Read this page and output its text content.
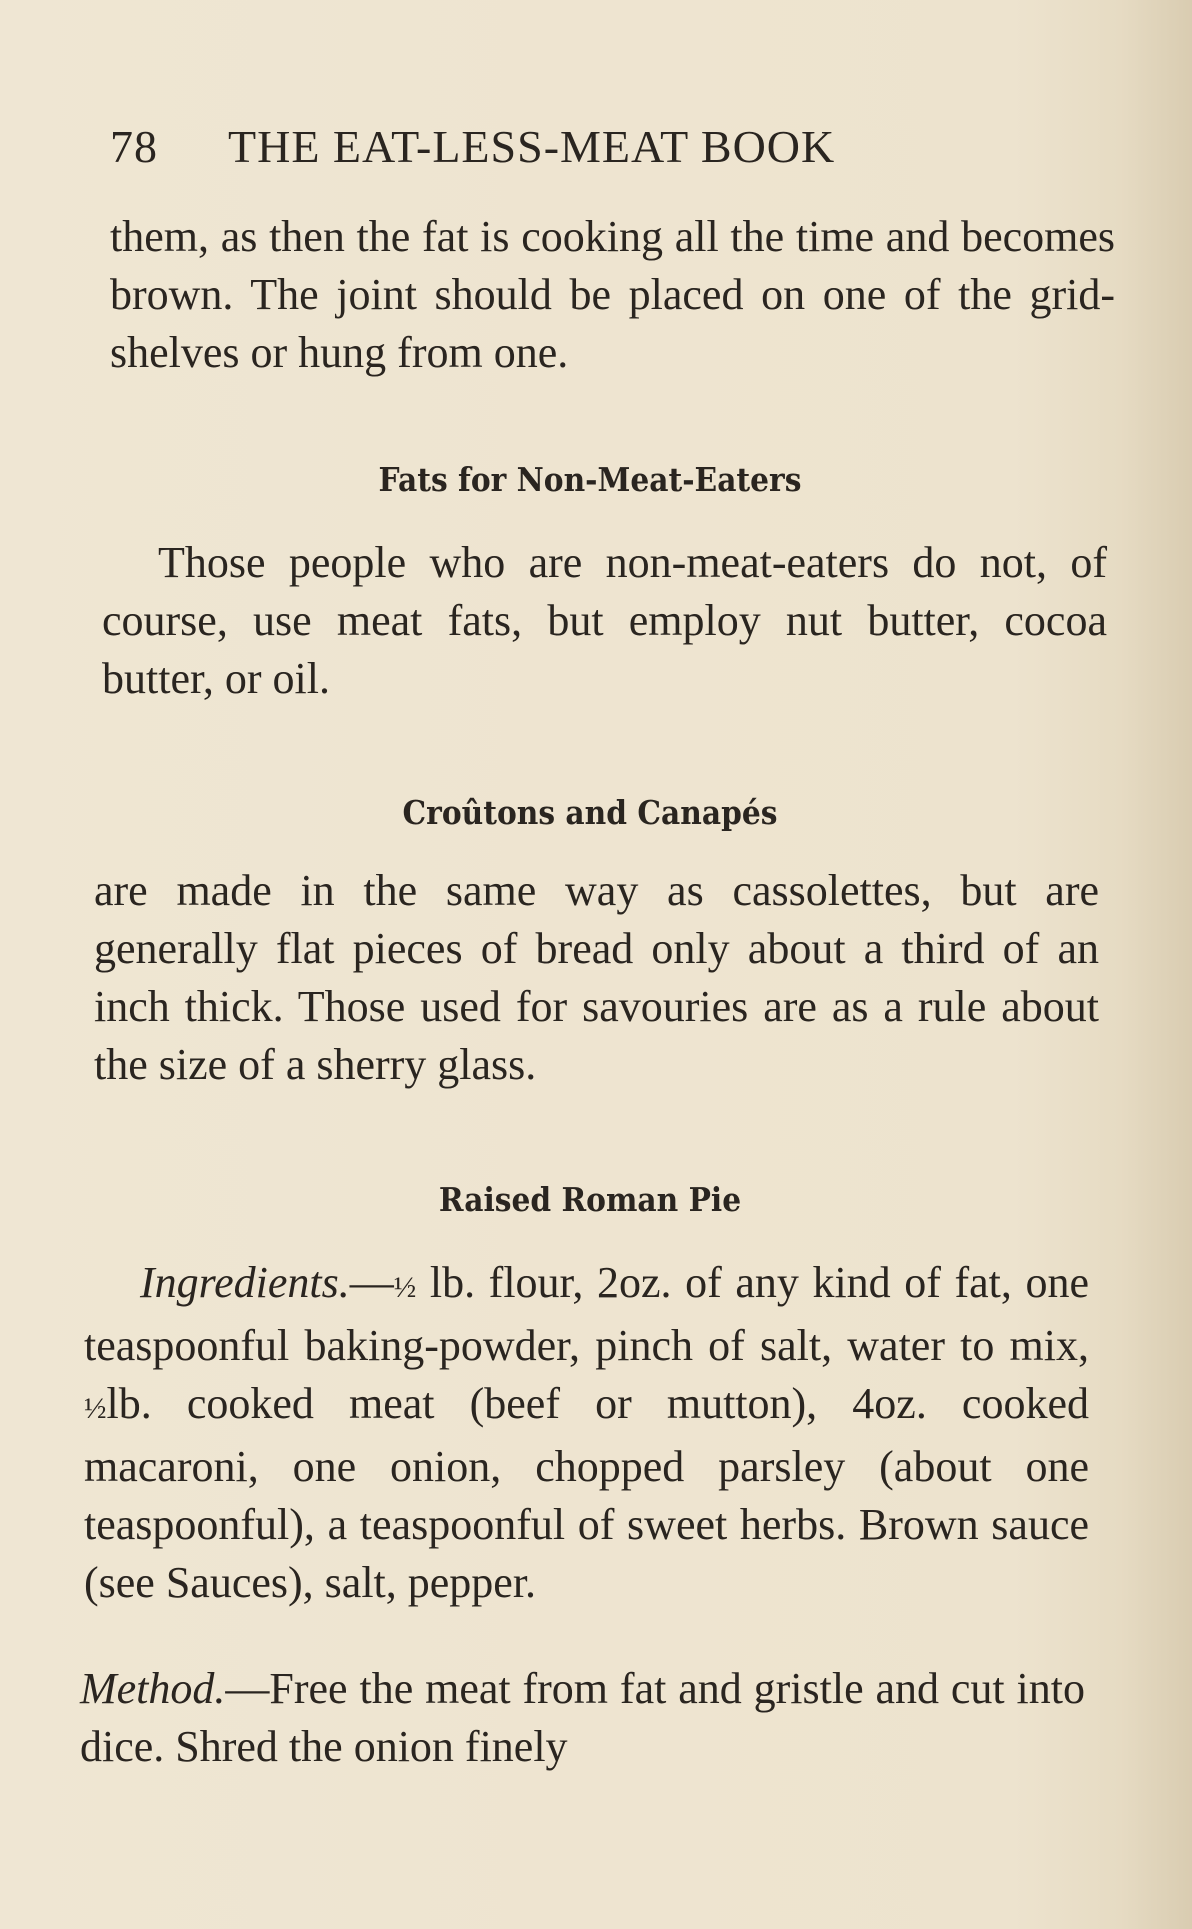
78 THE EAT-LESS-MEAT BOOK

them, as then the fat is cooking all the time and becomes brown. The joint should be placed on one of the grid-shelves or hung from one.

Fats for Non-Meat-Eaters

Those people who are non-meat-eaters do not, of course, use meat fats, but employ nut butter, cocoa butter, or oil.

Croûtons and Canapés

are made in the same way as cassolettes, but are generally flat pieces of bread only about a third of an inch thick. Those used for savouries are as a rule about the size of a sherry glass.

Raised Roman Pie

Ingredients.—½ lb. flour, 2oz. of any kind of fat, one teaspoonful baking-powder, pinch of salt, water to mix, ½lb. cooked meat (beef or mutton), 4oz. cooked macaroni, one onion, chopped parsley (about one teaspoonful), a teaspoonful of sweet herbs. Brown sauce (see Sauces), salt, pepper.

Method.—Free the meat from fat and gristle and cut into dice. Shred the onion finely
